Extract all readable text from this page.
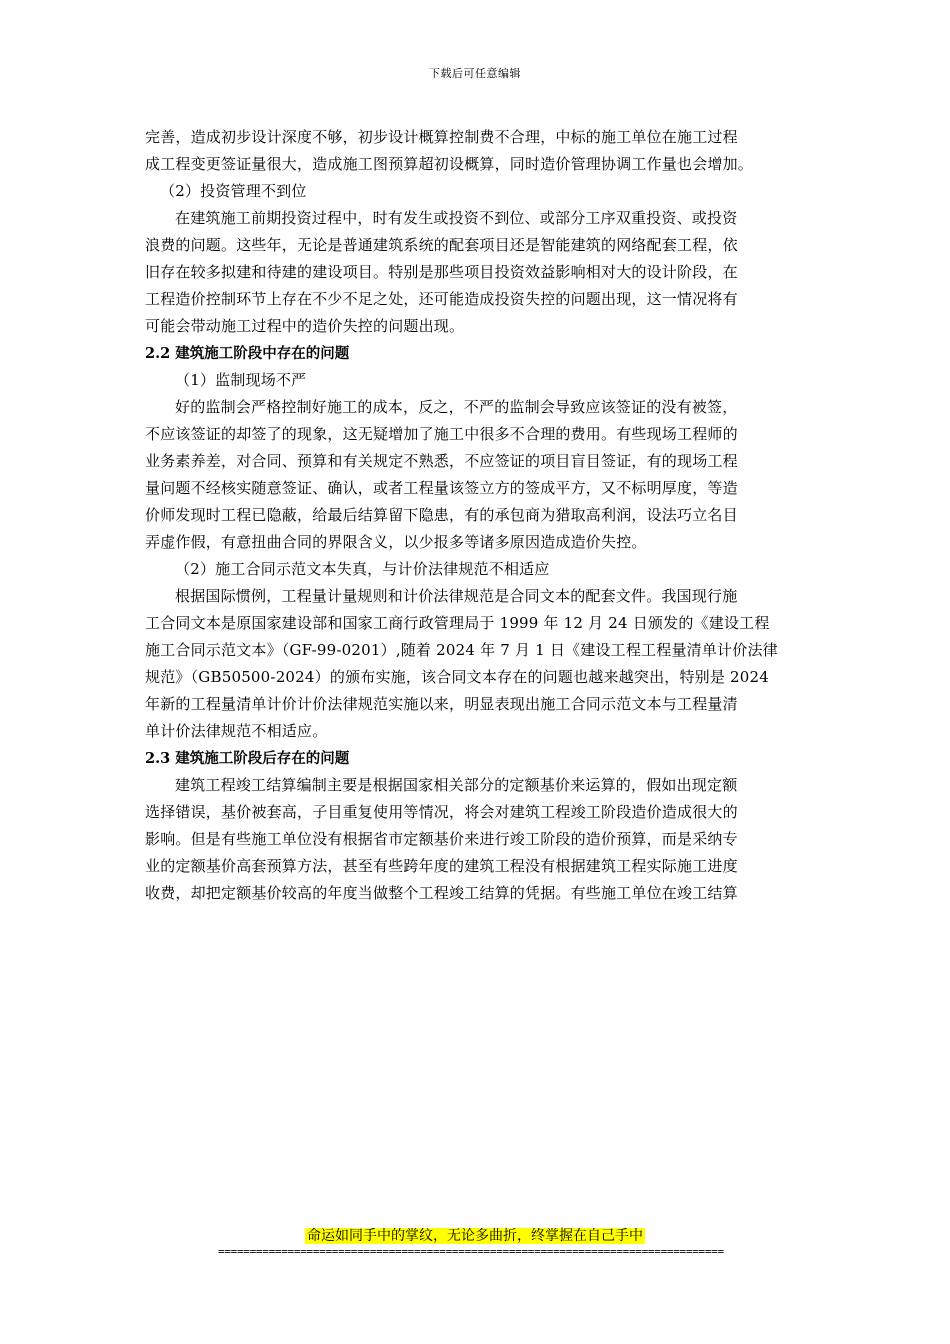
下载后可任意编辑
完善，造成初步设计深度不够，初步设计概算控制费不合理，中标的施工单位在施工过程
成工程变更签证量很大，造成施工图预算超初设概算，同时造价管理协调工作量也会增加。
（2）投资管理不到位
在建筑施工前期投资过程中，时有发生或投资不到位、或部分工序双重投资、或投资
浪费的问题。这些年，无论是普通建筑系统的配套项目还是智能建筑的网络配套工程，依
旧存在较多拟建和待建的建设项目。特别是那些项目投资效益影响相对大的设计阶段，在
工程造价控制环节上存在不少不足之处，还可能造成投资失控的问题出现，这一情况将有
可能会带动施工过程中的造价失控的问题出现。
2.2 建筑施工阶段中存在的问题
（1）监制现场不严
好的监制会严格控制好施工的成本，反之，不严的监制会导致应该签证的没有被签，
不应该签证的却签了的现象，这无疑增加了施工中很多不合理的费用。有些现场工程师的
业务素养差，对合同、预算和有关规定不熟悉，不应签证的项目盲目签证，有的现场工程
量问题不经核实随意签证、确认，或者工程量该签立方的签成平方，又不标明厚度，等造
价师发现时工程已隐蔽，给最后结算留下隐患，有的承包商为猎取高利润，设法巧立名目
弄虚作假，有意扭曲合同的界限含义，以少报多等诸多原因造成造价失控。
（2）施工合同示范文本失真，与计价法律规范不相适应
根据国际惯例，工程量计量规则和计价法律规范是合同文本的配套文件。我国现行施
工合同文本是原国家建设部和国家工商行政管理局于 1999 年 12 月 24 日颁发的《建设工程
施工合同示范文本》（GF-99-0201）,随着 2024 年 7 月 1 日《建设工程工程量清单计价法律
规范》（GB50500-2024）的颁布实施，该合同文本存在的问题也越来越突出，特别是 2024
年新的工程量清单计价计价法律规范实施以来，明显表现出施工合同示范文本与工程量清
单计价法律规范不相适应。
2.3 建筑施工阶段后存在的问题
建筑工程竣工结算编制主要是根据国家相关部分的定额基价来运算的，假如出现定额
选择错误，基价被套高，子目重复使用等情况，将会对建筑工程竣工阶段造价造成很大的
影响。但是有些施工单位没有根据省市定额基价来进行竣工阶段的造价预算，而是采纳专
业的定额基价高套预算方法，甚至有些跨年度的建筑工程没有根据建筑工程实际施工进度
收费，却把定额基价较高的年度当做整个工程竣工结算的凭据。有些施工单位在竣工结算
命运如同手中的掌纹，无论多曲折，终掌握在自己手中
================================================================================
